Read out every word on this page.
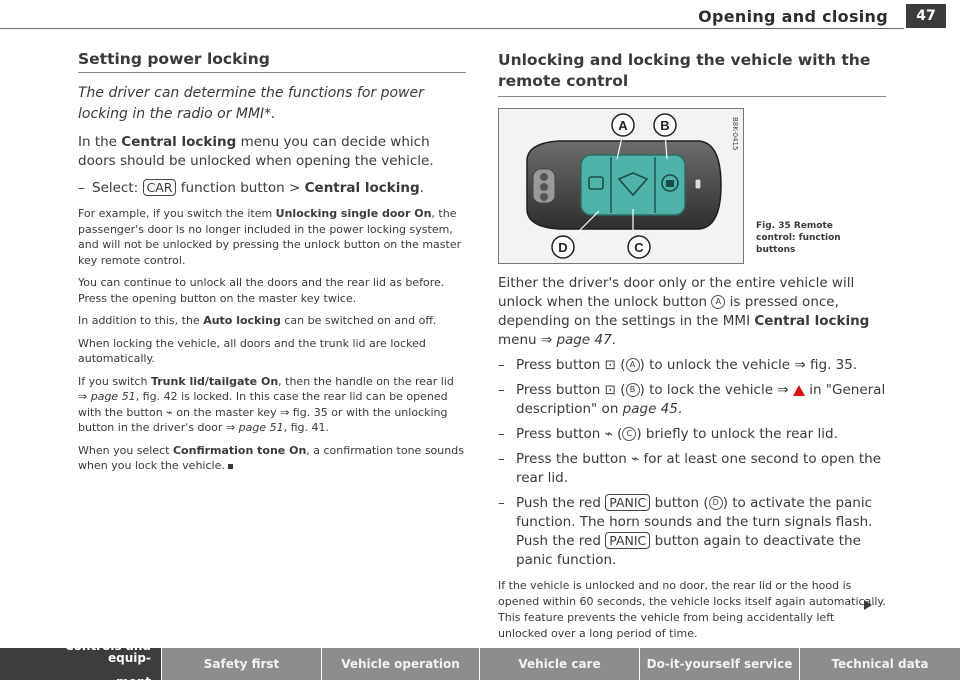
Opening and closing	47
Setting power locking

The driver can determine the functions for power locking in the radio or MMI*.

In the Central locking menu you can decide which doors should be unlocked when opening the vehicle.

– Select: CAR function button > Central locking.

For example, if you switch the item Unlocking single door On, the passenger's door is no longer included in the power locking system, and will not be unlocked by pressing the unlock button on the master key remote control.

You can continue to unlock all the doors and the rear lid as before. Press the opening button on the master key twice.

In addition to this, the Auto locking can be switched on and off.

When locking the vehicle, all doors and the trunk lid are locked automatically.

If you switch Trunk lid/tailgate On, then the handle on the rear lid ⇒ page 51, fig. 42 is locked. In this case the rear lid can be opened with the button ⌁ on the master key ⇒ fig. 35 or with the unlocking button in the driver's door ⇒ page 51, fig. 41.

When you select Confirmation tone On, a confirmation tone sounds when you lock the vehicle.

Unlocking and locking the vehicle with the remote control
A	B
C
D
B8K-0415
Fig. 35 Remote control: function buttons

Either the driver's door only or the entire vehicle will unlock when the unlock button A is pressed once, depending on the settings in the MMI Central locking menu ⇒ page 47.

– Press button ⊡ ( A ) to unlock the vehicle ⇒ fig. 35.
– Press button ⊡ ( B ) to lock the vehicle ⇒  in "General description" on page 45.
– Press button ⌁ ( C ) briefly to unlock the rear lid.
– Press the button ⌁ for at least one second to open the rear lid.
– Push the red PANIC button ( D ) to activate the panic function. The horn sounds and the turn signals flash. Push the red PANIC button again to deactivate the panic function.

If the vehicle is unlocked and no door, the rear lid or the hood is opened within 60 seconds, the vehicle locks itself again automatically. This feature prevents the vehicle from being accidentally left unlocked over a long period of time.

Controls and equip-

ment
Safety first	Vehicle operation	Vehicle care	Do-it-yourself service	Technical data
